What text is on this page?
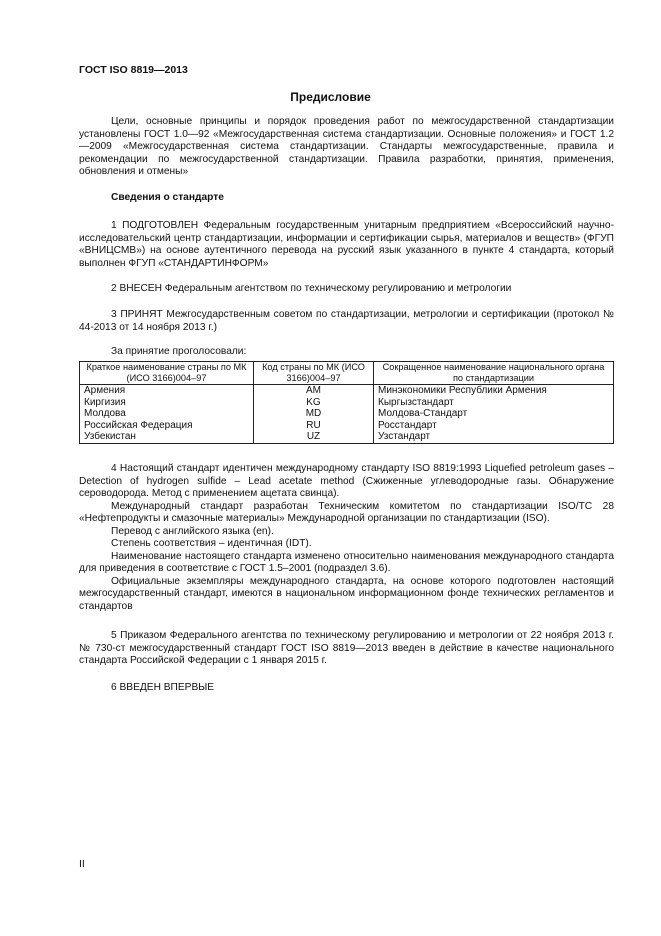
ГОСТ ISO 8819—2013
Предисловие

Цели, основные принципы и порядок проведения работ по межгосударственной стандартизации установлены ГОСТ 1.0—92 «Межгосударственная система стандартизации. Основные положения» и ГОСТ 1.2—2009 «Межгосударственная система стандартизации. Стандарты межгосударственные, правила и рекомендации по межгосударственной стандартизации. Правила разработки, принятия, применения, обновления и отмены»

Сведения о стандарте

1 ПОДГОТОВЛЕН Федеральным государственным унитарным предприятием «Всероссийский научно-исследовательский центр стандартизации, информации и сертификации сырья, материалов и веществ» (ФГУП «ВНИЦСМВ») на основе аутентичного перевода на русский язык указанного в пункте 4 стандарта, который выполнен ФГУП «СТАНДАРТИНФОРМ»

2 ВНЕСЕН Федеральным агентством по техническому регулированию и метрологии

3 ПРИНЯТ Межгосударственным советом по стандартизации, метрологии и сертификации (протокол № 44-2013 от 14 ноября 2013 г.)

За принятие проголосовали:

Краткое наименование страны по МК (ИСО 3166)004–97	Код страны по МК (ИСО 3166)004–97	Сокращенное наименование национального органа по стандартизации
Армения	AM	Минэкономики Республики Армения
Киргизия	KG	Кыргызстандарт
Молдова	MD	Молдова-Стандарт
Российская Федерация	RU	Росстандарт
Узбекистан	UZ	Узстандарт

4 Настоящий стандарт идентичен международному стандарту ISO 8819:1993 Liquefied petroleum gases – Detection of hydrogen sulfide – Lead acetate method (Сжиженные углеводородные газы. Обнаружение сероводорода. Метод с применением ацетата свинца).

Международный стандарт разработан Техническим комитетом по стандартизации ISO/TC 28 «Нефтепродукты и смазочные материалы» Международной организации по стандартизации (ISO).

Перевод с английского языка (en).

Степень соответствия – идентичная (IDT).

Наименование настоящего стандарта изменено относительно наименования международного стандарта для приведения в соответствие с ГОСТ 1.5–2001 (подраздел 3.6).

Официальные экземпляры международного стандарта, на основе которого подготовлен настоящий межгосударственный стандарт, имеются в национальном информационном фонде технических регламентов и стандартов

5 Приказом Федерального агентства по техническому регулированию и метрологии от 22 ноября 2013 г. № 730-ст межгосударственный стандарт ГОСТ ISO 8819—2013 введен в действие в качестве национального стандарта Российской Федерации с 1 января 2015 г.

6 ВВЕДЕН ВПЕРВЫЕ

II
